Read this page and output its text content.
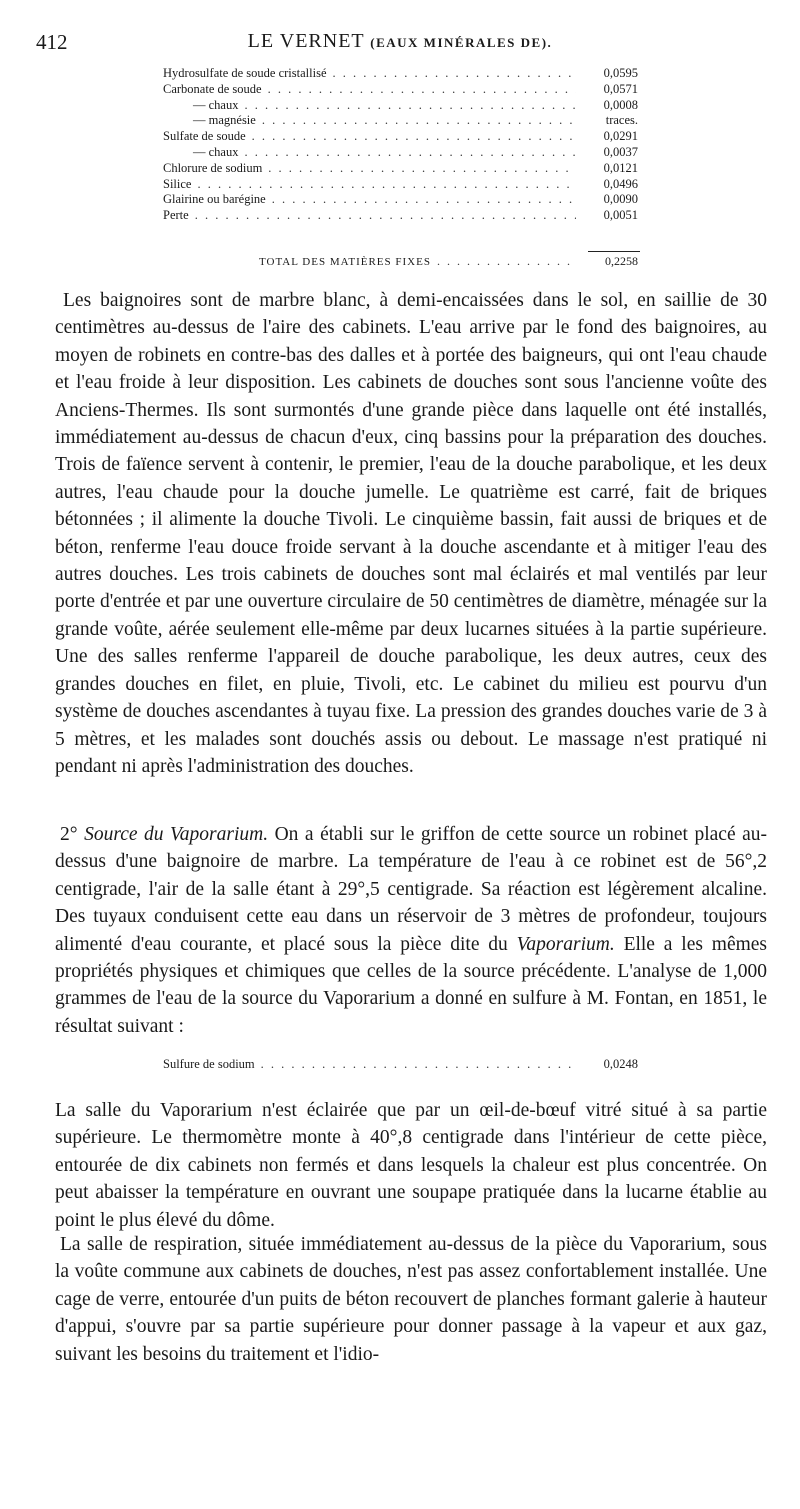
412	LE VERNET (EAUX MINÉRALES DE).
Hydrosulfate de soude cristallisé . . .	0,0595
Carbonate de soude . . .	0,0571
— chaux . . .	0,0008
— magnésie . . .	traces.
Sulfate de soude . . .	0,0291
— chaux . . .	0,0037
Chlorure de sodium . . .	0,0121
Silice . . .	0,0496
Glairine ou barégine . . .	0,0090
Perte . . .	0,0051
TOTAL DES MATIÈRES FIXES . . .	0,2258

Les baignoires sont de marbre blanc, à demi-encaissées dans le sol, en saillie de 30 centimètres au-dessus de l'aire des cabinets. L'eau arrive par le fond des baignoires, au moyen de robinets en contre-bas des dalles et à portée des baigneurs, qui ont l'eau chaude et l'eau froide à leur disposition. Les cabinets de douches sont sous l'ancienne voûte des Anciens-Thermes. Ils sont surmontés d'une grande pièce dans laquelle ont été installés, immédiatement au-dessus de chacun d'eux, cinq bassins pour la préparation des douches. Trois de faïence servent à contenir, le premier, l'eau de la douche parabolique, et les deux autres, l'eau chaude pour la douche jumelle. Le quatrième est carré, fait de briques bétonnées ; il alimente la douche Tivoli. Le cinquième bassin, fait aussi de briques et de béton, renferme l'eau douce froide servant à la douche ascendante et à mitiger l'eau des autres douches. Les trois cabinets de douches sont mal éclairés et mal ventilés par leur porte d'entrée et par une ouverture circulaire de 50 centimètres de diamètre, ménagée sur la grande voûte, aérée seulement elle-même par deux lucarnes situées à la partie supérieure. Une des salles renferme l'appareil de douche parabolique, les deux autres, ceux des grandes douches en filet, en pluie, Tivoli, etc. Le cabinet du milieu est pourvu d'un système de douches ascendantes à tuyau fixe. La pression des grandes douches varie de 3 à 5 mètres, et les malades sont douchés assis ou debout. Le massage n'est pratiqué ni pendant ni après l'administration des douches.

2° Source du Vaporarium. On a établi sur le griffon de cette source un robinet placé au-dessus d'une baignoire de marbre. La température de l'eau à ce robinet est de 56°,2 centigrade, l'air de la salle étant à 29°,5 centigrade. Sa réaction est légèrement alcaline. Des tuyaux conduisent cette eau dans un réservoir de 3 mètres de profondeur, toujours alimenté d'eau courante, et placé sous la pièce dite du Vaporarium. Elle a les mêmes propriétés physiques et chimiques que celles de la source précédente. L'analyse de 1,000 grammes de l'eau de la source du Vaporarium a donné en sulfure à M. Fontan, en 1851, le résultat suivant :

Sulfure de sodium . . .	0,0248

La salle du Vaporarium n'est éclairée que par un œil-de-bœuf vitré situé à sa partie supérieure. Le thermomètre monte à 40°,8 centigrade dans l'intérieur de cette pièce, entourée de dix cabinets non fermés et dans lesquels la chaleur est plus concentrée. On peut abaisser la température en ouvrant une soupape pratiquée dans la lucarne établie au point le plus élevé du dôme.

La salle de respiration, située immédiatement au-dessus de la pièce du Vaporarium, sous la voûte commune aux cabinets de douches, n'est pas assez confortablement installée. Une cage de verre, entourée d'un puits de béton recouvert de planches formant galerie à hauteur d'appui, s'ouvre par sa partie supérieure pour donner passage à la vapeur et aux gaz, suivant les besoins du traitement et l'idio-
